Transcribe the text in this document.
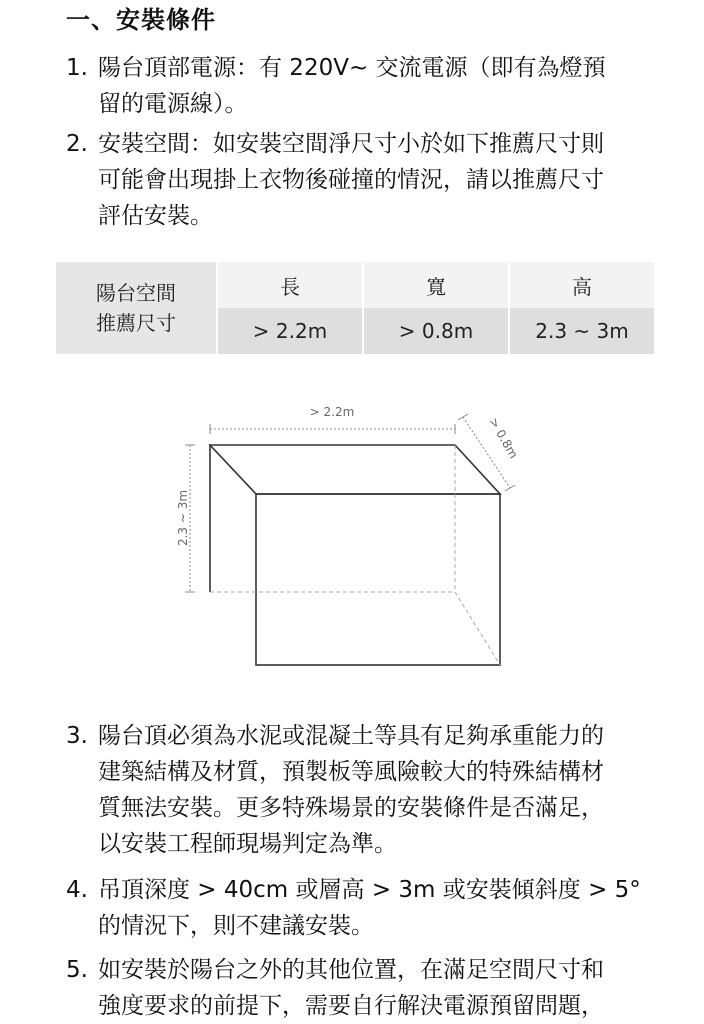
一、安裝條件
1. 陽台頂部電源：有 220V~ 交流電源（即有為燈預
留的電源線）。
2. 安裝空間：如安裝空間淨尺寸小於如下推薦尺寸則
可能會出現掛上衣物後碰撞的情況，請以推薦尺寸
評估安裝。
陽台空間
推薦尺寸
長	寬	高
> 2.2m	> 0.8m	2.3 ~ 3m
> 2.2m
> 0.8m
2.3 ~ 3m
3. 陽台頂必須為水泥或混凝土等具有足夠承重能力的
建築結構及材質，預製板等風險較大的特殊結構材
質無法安裝。更多特殊場景的安裝條件是否滿足，
以安裝工程師現場判定為準。
4. 吊頂深度 > 40cm 或層高 > 3m 或安裝傾斜度 > 5°
的情況下，則不建議安裝。
5. 如安裝於陽台之外的其他位置，在滿足空間尺寸和
強度要求的前提下，需要自行解決電源預留問題，
